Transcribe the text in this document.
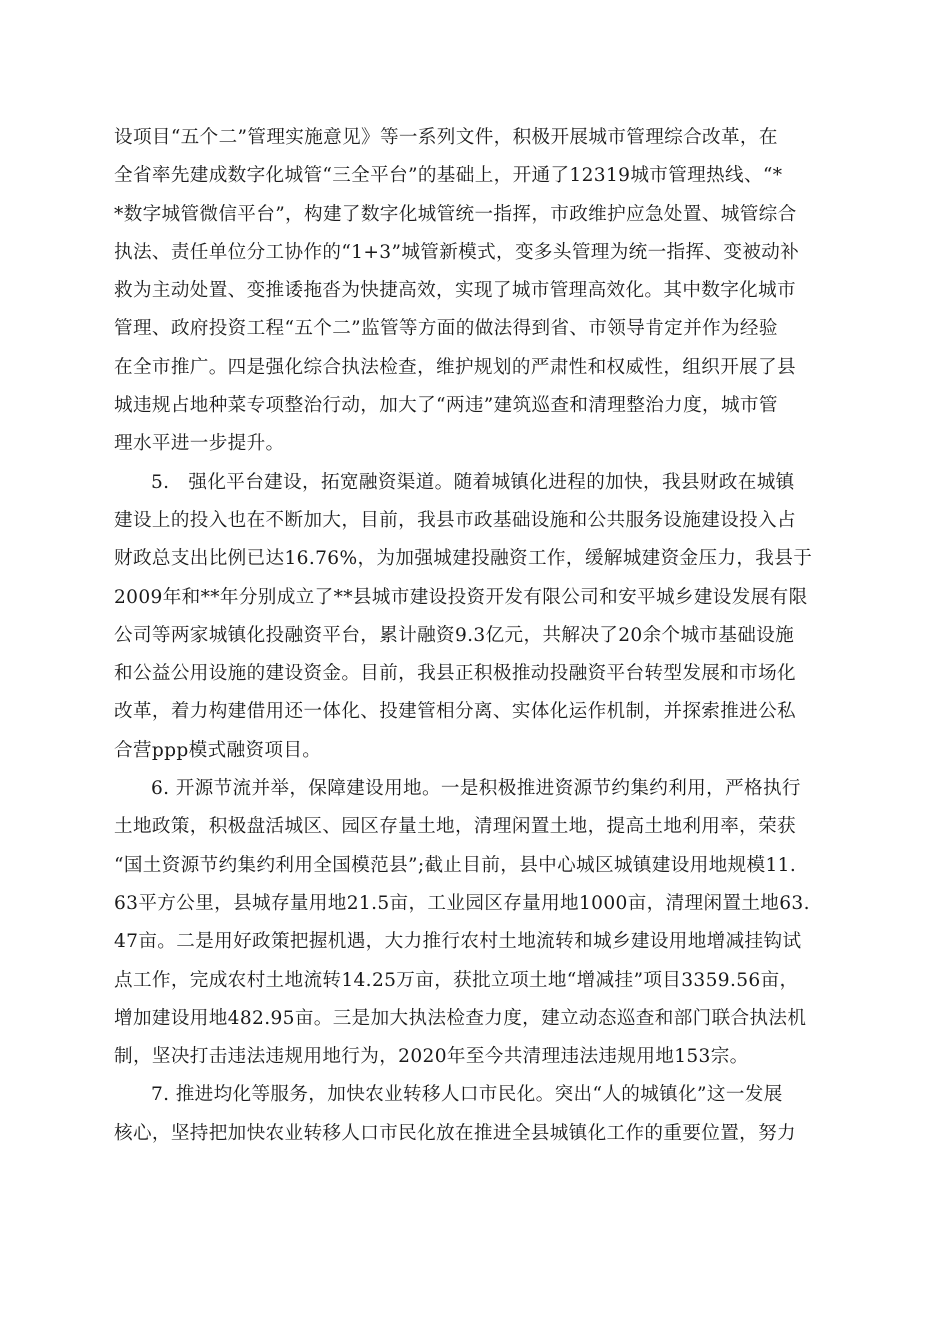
设项目“五个二”管理实施意见》等一系列文件，积极开展城市管理综合改革，在
全省率先建成数字化城管“三全平台”的基础上，开通了12319城市管理热线、“*
*数字城管微信平台”，构建了数字化城管统一指挥，市政维护应急处置、城管综合
执法、责任单位分工协作的“1+3”城管新模式，变多头管理为统一指挥、变被动补
救为主动处置、变推诿拖沓为快捷高效，实现了城市管理高效化。其中数字化城市
管理、政府投资工程“五个二”监管等方面的做法得到省、市领导肯定并作为经验
在全市推广。四是强化综合执法检查，维护规划的严肃性和权威性，组织开展了县
城违规占地种菜专项整治行动，加大了“两违”建筑巡查和清理整治力度，城市管
理水平进一步提升。
5.　强化平台建设，拓宽融资渠道。随着城镇化进程的加快，我县财政在城镇
建设上的投入也在不断加大，目前，我县市政基础设施和公共服务设施建设投入占
财政总支出比例已达16.76%，为加强城建投融资工作，缓解城建资金压力，我县于
2009年和**年分别成立了**县城市建设投资开发有限公司和安平城乡建设发展有限
公司等两家城镇化投融资平台，累计融资9.3亿元，共解决了20余个城市基础设施
和公益公用设施的建设资金。目前，我县正积极推动投融资平台转型发展和市场化
改革，着力构建借用还一体化、投建管相分离、实体化运作机制，并探索推进公私
合营ppp模式融资项目。
6. 开源节流并举，保障建设用地。一是积极推进资源节约集约利用，严格执行
土地政策，积极盘活城区、园区存量土地，清理闲置土地，提高土地利用率，荣获
“国土资源节约集约利用全国模范县”;截止目前，县中心城区城镇建设用地规模11.
63平方公里，县城存量用地21.5亩，工业园区存量用地1000亩，清理闲置土地63.
47亩。二是用好政策把握机遇，大力推行农村土地流转和城乡建设用地增减挂钩试
点工作，完成农村土地流转14.25万亩，获批立项土地“增减挂”项目3359.56亩，
增加建设用地482.95亩。三是加大执法检查力度，建立动态巡查和部门联合执法机
制，坚决打击违法违规用地行为，2020年至今共清理违法违规用地153宗。
7. 推进均化等服务，加快农业转移人口市民化。突出“人的城镇化”这一发展
核心，坚持把加快农业转移人口市民化放在推进全县城镇化工作的重要位置，努力
